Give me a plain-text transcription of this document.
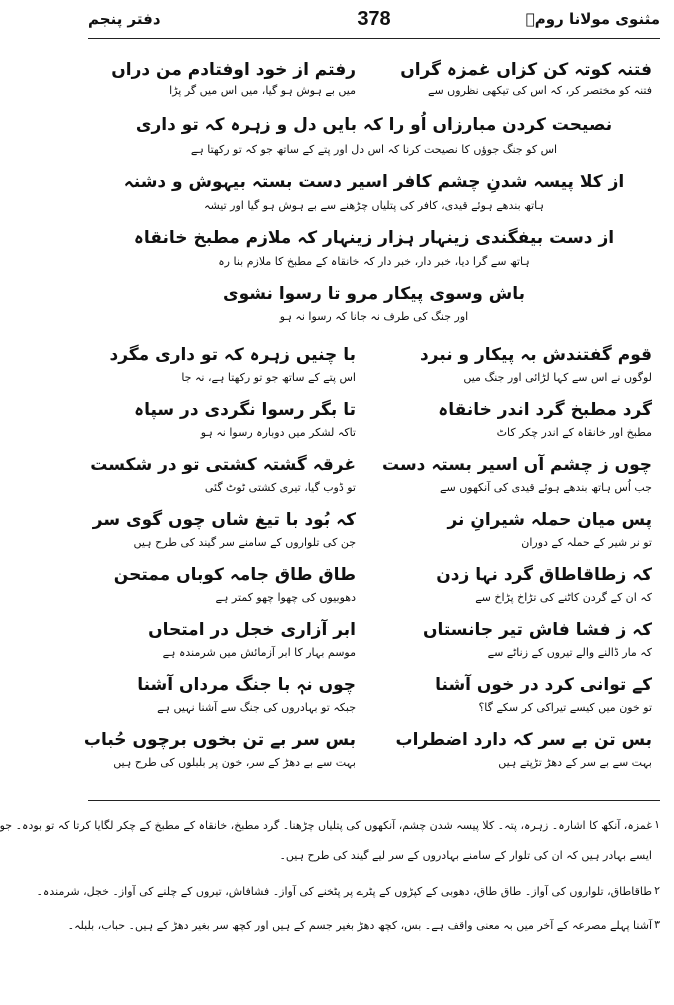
مثنوی مولانا رومؒ
378
دفتر پنجم
فتنہ کوتہ کن کزاں غمزہ گراں
رفتم از خود اوفتادم من دراں
فتنہ کو مختصر کر، کہ اس کی تیکھی نظروں سے
میں بے ہوش ہو گیا، میں اس میں گر پڑا
نصیحت کردن مبارزاں اُو را کہ بایں دل و زہرہ کہ تو داری
اس کو جنگ جوؤں کا نصیحت کرنا کہ اس دل اور پتے کے ساتھ جو کہ تو رکھتا ہے
از کلا پیسہ شدنِ چشم کافر اسیر دست بستہ بیہوش و دشنہ
ہاتھ بندھے ہوئے قیدی، کافر کی پتلیاں چڑھنے سے بے ہوش ہو گیا اور تیشہ
از دست بیفگندی زینہار ہزار زینہار کہ ملازم مطبخ خانقاہ
ہاتھ سے گرا دیا، خبر دار، خبر دار کہ خانقاہ کے مطبخ کا ملازم بنا رہ
باش وسوی پیکار مرو تا رسوا نشوی
اور جنگ کی طرف نہ جانا کہ رسوا نہ ہو
قوم گفتندش بہ پیکار و نبرد
با چنیں زہرہ کہ تو داری مگرد
لوگوں نے اس سے کہا لڑائی اور جنگ میں
اس پتے کے ساتھ جو تو رکھتا ہے، نہ جا
گرد مطبخ گرد اندر خانقاہ
تا بگر رسوا نگردی در سپاہ
مطبخ اور خانقاہ کے اندر چکر کاٹ
تاکہ لشکر میں دوبارہ رسوا نہ ہو
چوں ز چشم آں اسیر بستہ دست
غرقہ گشتہ کشتی تو در شکست
جب اُس ہاتھ بندھے ہوئے قیدی کی آنکھوں سے
تو ڈوب گیا، تیری کشتی ٹوٹ گئی
پس میان حملہ شیرانِ نر
کہ بُود با تیغ شاں چوں گوی سر
تو نر شیر کے حملہ کے دوران
جن کی تلواروں کے سامنے سر گیند کی طرح ہیں
کہ زطاقاطاق گرد نہا زدن
طاق طاق جامہ کوباں ممتحن
کہ ان کے گردن کاٹنے کی تڑاخ پڑاخ سے
دھوبیوں کی چھوا چھو کمتر ہے
کہ ز فشا فاش تیر جانستاں
ابر آزاری خجل در امتحاں
کہ مار ڈالنے والے تیروں کے زناٹے سے
موسم بہار کا ابر آزمائش میں شرمندہ ہے
کے توانی کرد در خوں آشنا
چوں نہٖ با جنگ مرداں آشنا
تو خون میں کیسے تیراکی کر سکے گا؟
جبکہ تو بہادروں کی جنگ سے آشنا نہیں ہے
بس تن بے سر کہ دارد اضطراب
بس سر بے تن بخوں برچوں حُباب
بہت سے بے سر کے دھڑ تڑپتے ہیں
بہت سے بے دھڑ کے سر، خون پر بلبلوں کی طرح ہیں
۱
غمزہ، آنکھ کا اشارہ۔ زہرہ، پتہ۔ کلا پیسہ شدن چشم، آنکھوں کی پتلیاں چڑھنا۔ گرد مطبخ، خانقاہ کے مطبخ کے چکر لگایا کرتا کہ تو بودہ۔ جو
ایسے بہادر ہیں کہ ان کی تلوار کے سامنے بہادروں کے سر لیے گیند کی طرح ہیں۔
۲
طاقاطاق، تلواروں کی آواز۔ طاق طاق، دھوبی کے کپڑوں کے پٹرے پر پٹخنے کی آواز۔ فشافاش، تیروں کے چلنے کی آواز۔ خجل، شرمندہ۔
۳
آشنا پہلے مصرعہ کے آخر میں بہ معنی واقف ہے۔ بس، کچھ دھڑ بغیر جسم کے ہیں اور کچھ سر بغیر دھڑ کے ہیں۔ حباب، بلبلہ۔
